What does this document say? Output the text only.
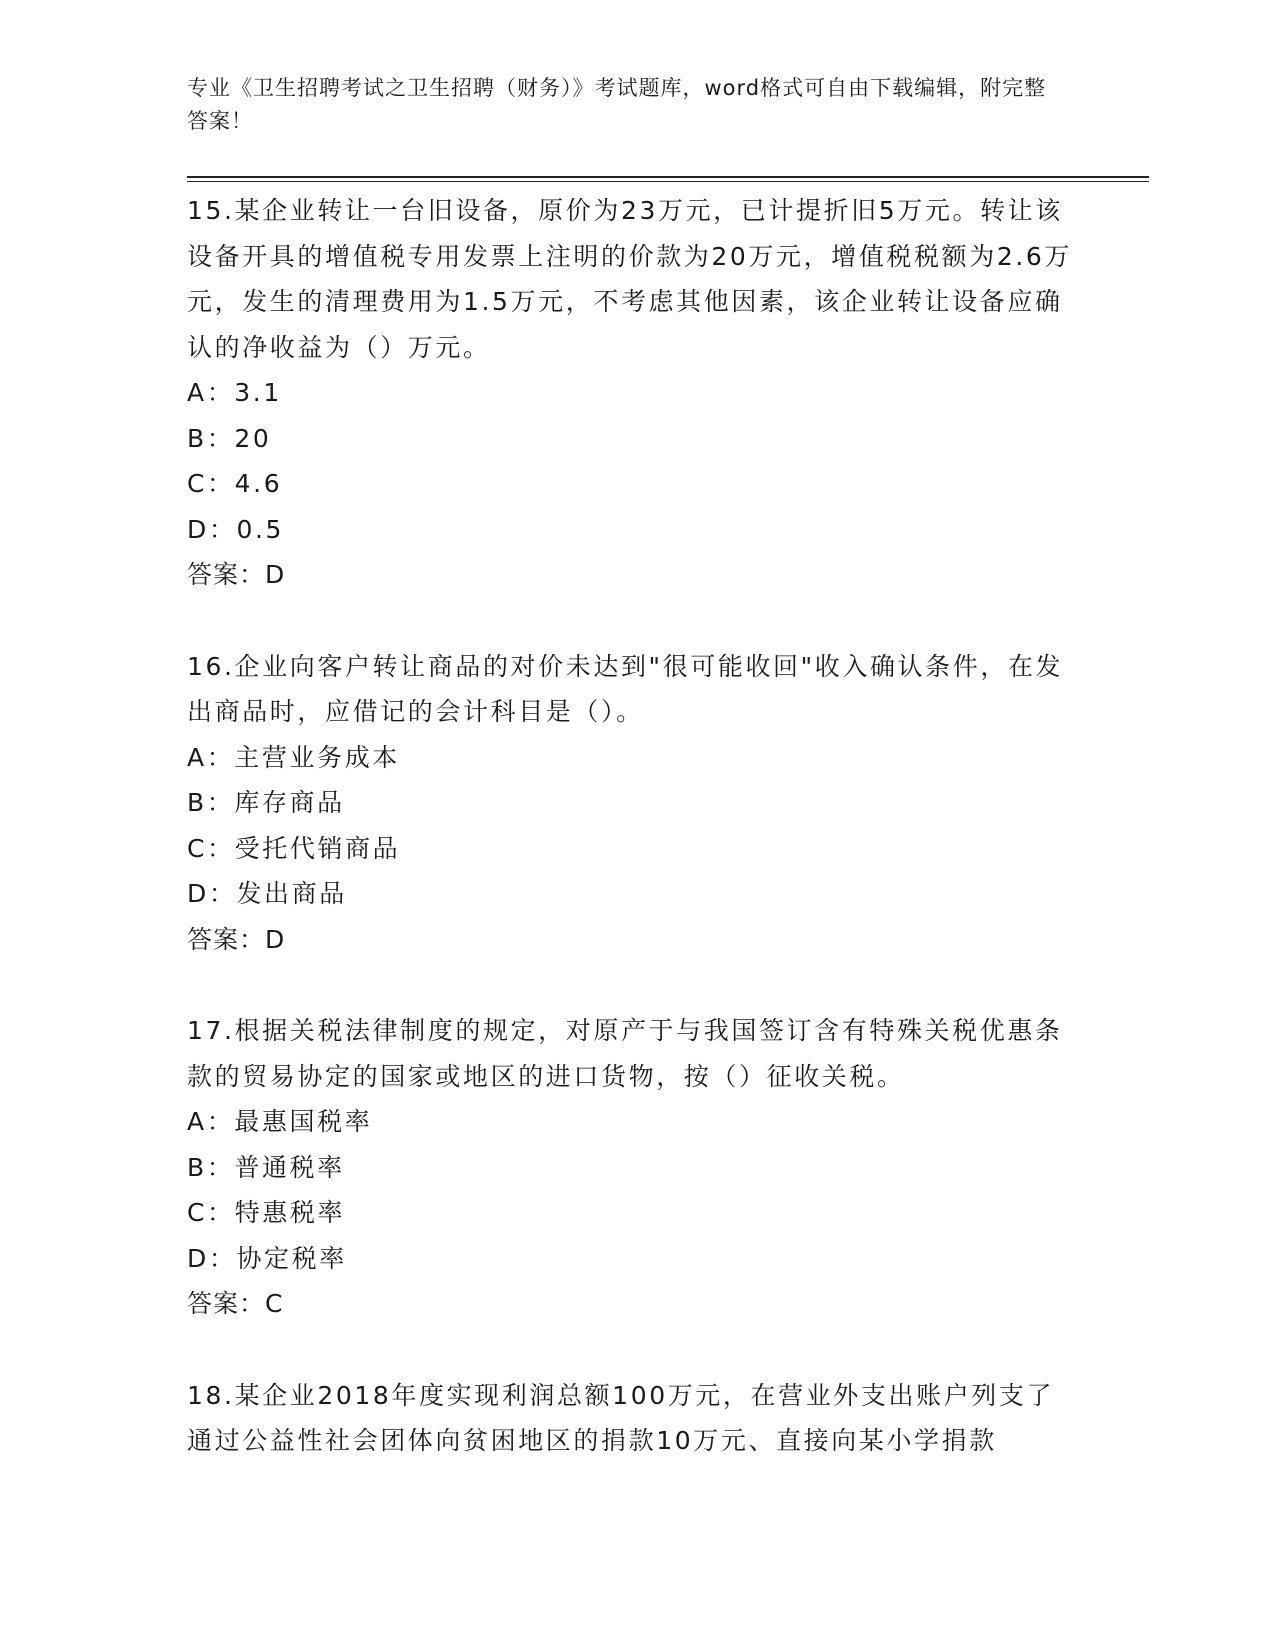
专业《卫生招聘考试之卫生招聘（财务）》考试题库，word格式可自由下载编辑，附完整答案！

15.某企业转让一台旧设备，原价为23万元，已计提折旧5万元。转让该设备开具的增值税专用发票上注明的价款为20万元，增值税税额为2.6万元，发生的清理费用为1.5万元，不考虑其他因素，该企业转让设备应确认的净收益为（）万元。

A：3.1

B：20

C：4.6

D：0.5

答案：D

16.企业向客户转让商品的对价未达到"很可能收回"收入确认条件，在发出商品时，应借记的会计科目是（）。

A：主营业务成本

B：库存商品

C：受托代销商品

D：发出商品

答案：D

17.根据关税法律制度的规定，对原产于与我国签订含有特殊关税优惠条款的贸易协定的国家或地区的进口货物，按（）征收关税。

A：最惠国税率

B：普通税率

C：特惠税率

D：协定税率

答案：C

18.某企业2018年度实现利润总额100万元，在营业外支出账户列支了通过公益性社会团体向贫困地区的捐款10万元、直接向某小学捐款
